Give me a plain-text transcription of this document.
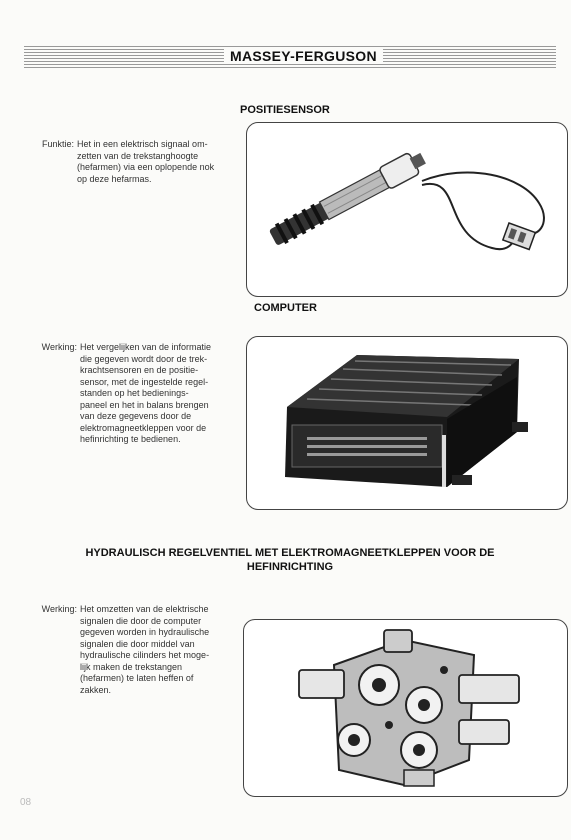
MASSEY-FERGUSON
POSITIESENSOR
Funktie: Het in een elektrisch signaal om-
zetten van de trekstanghoogte
(hefarmen) via een oplopende nok
op deze hefarmas.
COMPUTER
Werking: Het vergelijken van de informatie
die gegeven wordt door de trek-
krachtsensoren en de positie-
sensor, met de ingestelde regel-
standen op het bedienings-
paneel en het in balans brengen
van deze gegevens door de
elektromagneetkleppen voor de
hefinrichting te bedienen.
HYDRAULISCH REGELVENTIEL MET ELEKTROMAGNEETKLEPPEN VOOR DE
HEFINRICHTING
Werking: Het omzetten van de elektrische
signalen die door de computer
gegeven worden in hydraulische
signalen die door middel van
hydraulische cilinders het moge-
lijk maken de trekstangen
(hefarmen) te laten heffen of
zakken.
08
